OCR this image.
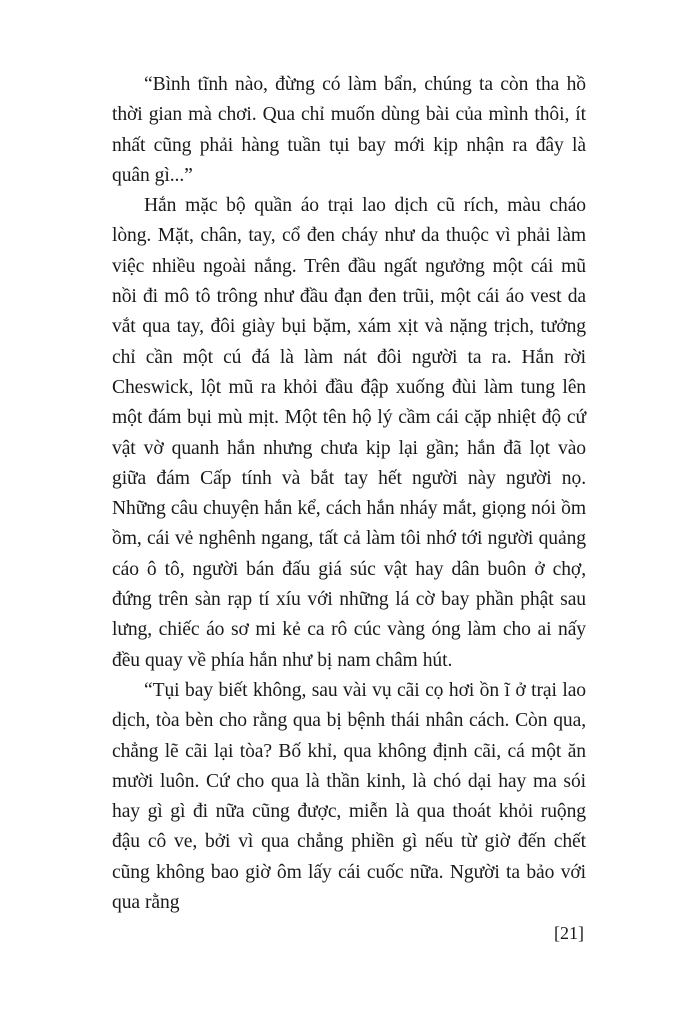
“Bình tĩnh nào, đừng có làm bẩn, chúng ta còn tha hồ thời gian mà chơi. Qua chỉ muốn dùng bài của mình thôi, ít nhất cũng phải hàng tuần tụi bay mới kịp nhận ra đây là quân gì...”

Hắn mặc bộ quần áo trại lao dịch cũ rích, màu cháo lòng. Mặt, chân, tay, cổ đen cháy như da thuộc vì phải làm việc nhiều ngoài nắng. Trên đầu ngất ngưởng một cái mũ nồi đi mô tô trông như đầu đạn đen trũi, một cái áo vest da vắt qua tay, đôi giày bụi bặm, xám xịt và nặng trịch, tưởng chỉ cần một cú đá là làm nát đôi người ta ra. Hắn rời Cheswick, lột mũ ra khỏi đầu đập xuống đùi làm tung lên một đám bụi mù mịt. Một tên hộ lý cầm cái cặp nhiệt độ cứ vật vờ quanh hắn nhưng chưa kịp lại gần; hắn đã lọt vào giữa đám Cấp tính và bắt tay hết người này người nọ. Những câu chuyện hắn kể, cách hắn nháy mắt, giọng nói ồm ồm, cái vẻ nghênh ngang, tất cả làm tôi nhớ tới người quảng cáo ô tô, người bán đấu giá súc vật hay dân buôn ở chợ, đứng trên sàn rạp tí xíu với những lá cờ bay phần phật sau lưng, chiếc áo sơ mi kẻ ca rô cúc vàng óng làm cho ai nấy đều quay về phía hắn như bị nam châm hút.

“Tụi bay biết không, sau vài vụ cãi cọ hơi ồn ĩ ở trại lao dịch, tòa bèn cho rằng qua bị bệnh thái nhân cách. Còn qua, chẳng lẽ cãi lại tòa? Bố khỉ, qua không định cãi, cá một ăn mười luôn. Cứ cho qua là thần kinh, là chó dại hay ma sói hay gì gì đi nữa cũng được, miễn là qua thoát khỏi ruộng đậu cô ve, bởi vì qua chẳng phiền gì nếu từ giờ đến chết cũng không bao giờ ôm lấy cái cuốc nữa. Người ta bảo với qua rằng

[21]
